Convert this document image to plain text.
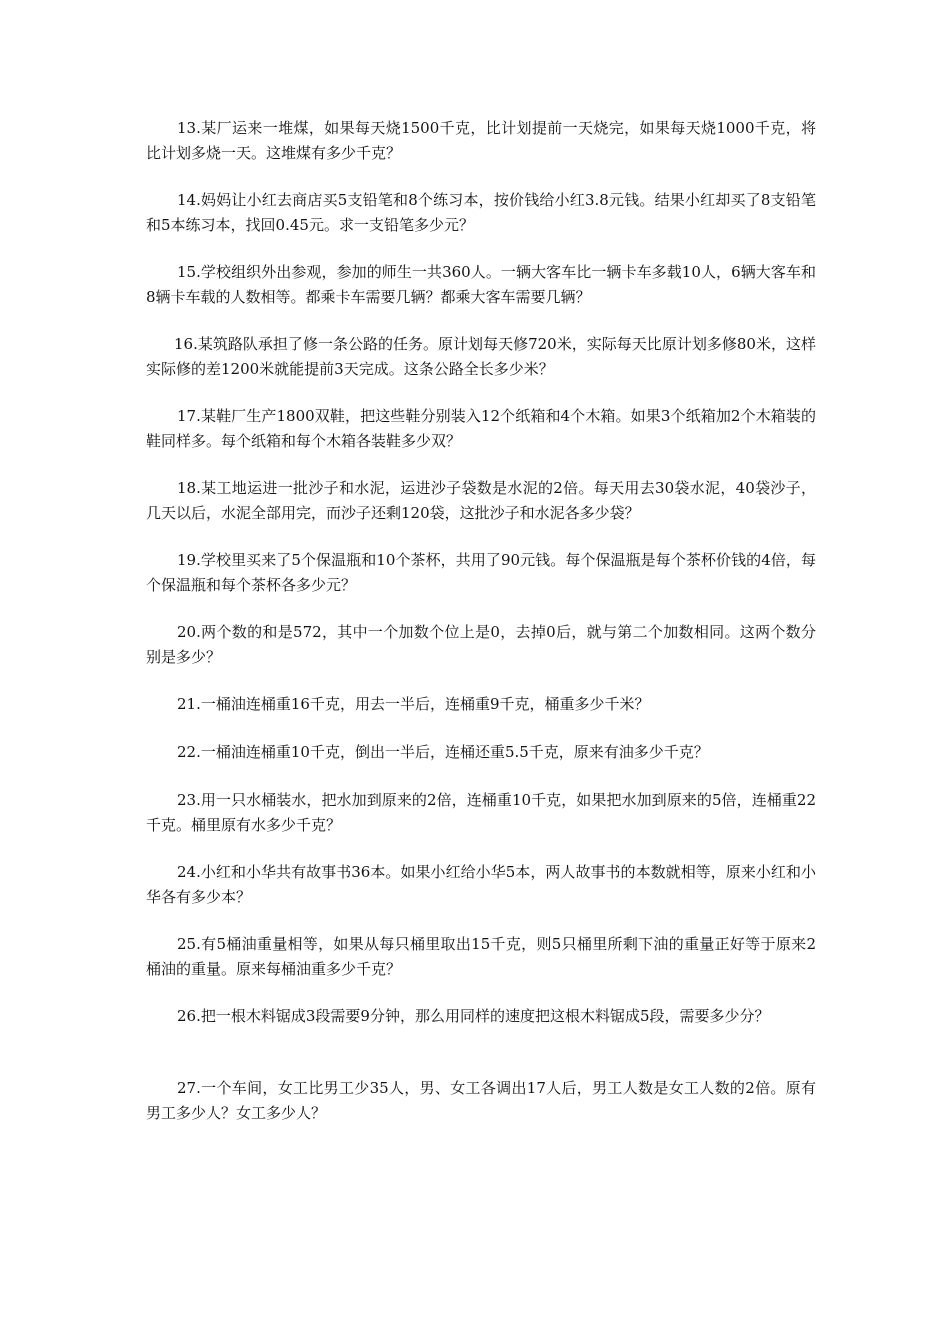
13.某厂运来一堆煤，如果每天烧1500千克，比计划提前一天烧完，如果每天烧1000千克，将比计划多烧一天。这堆煤有多少千克？

14.妈妈让小红去商店买5支铅笔和8个练习本，按价钱给小红3.8元钱。结果小红却买了8支铅笔和5本练习本，找回0.45元。求一支铅笔多少元？

15.学校组织外出参观，参加的师生一共360人。一辆大客车比一辆卡车多载10人，6辆大客车和8辆卡车载的人数相等。都乘卡车需要几辆？都乘大客车需要几辆？

16.某筑路队承担了修一条公路的任务。原计划每天修720米，实际每天比原计划多修80米，这样实际修的差1200米就能提前3天完成。这条公路全长多少米？

17.某鞋厂生产1800双鞋，把这些鞋分别装入12个纸箱和4个木箱。如果3个纸箱加2个木箱装的鞋同样多。每个纸箱和每个木箱各装鞋多少双？

18.某工地运进一批沙子和水泥，运进沙子袋数是水泥的2倍。每天用去30袋水泥，40袋沙子，几天以后，水泥全部用完，而沙子还剩120袋，这批沙子和水泥各多少袋？

19.学校里买来了5个保温瓶和10个茶杯，共用了90元钱。每个保温瓶是每个茶杯价钱的4倍，每个保温瓶和每个茶杯各多少元？

20.两个数的和是572，其中一个加数个位上是0，去掉0后，就与第二个加数相同。这两个数分别是多少？

21.一桶油连桶重16千克，用去一半后，连桶重9千克，桶重多少千米？

22.一桶油连桶重10千克，倒出一半后，连桶还重5.5千克，原来有油多少千克？

23.用一只水桶装水，把水加到原来的2倍，连桶重10千克，如果把水加到原来的5倍，连桶重22千克。桶里原有水多少千克？

24.小红和小华共有故事书36本。如果小红给小华5本，两人故事书的本数就相等，原来小红和小华各有多少本？

25.有5桶油重量相等，如果从每只桶里取出15千克，则5只桶里所剩下油的重量正好等于原来2桶油的重量。原来每桶油重多少千克？

26.把一根木料锯成3段需要9分钟，那么用同样的速度把这根木料锯成5段，需要多少分？

27.一个车间，女工比男工少35人，男、女工各调出17人后，男工人数是女工人数的2倍。原有男工多少人？女工多少人？
